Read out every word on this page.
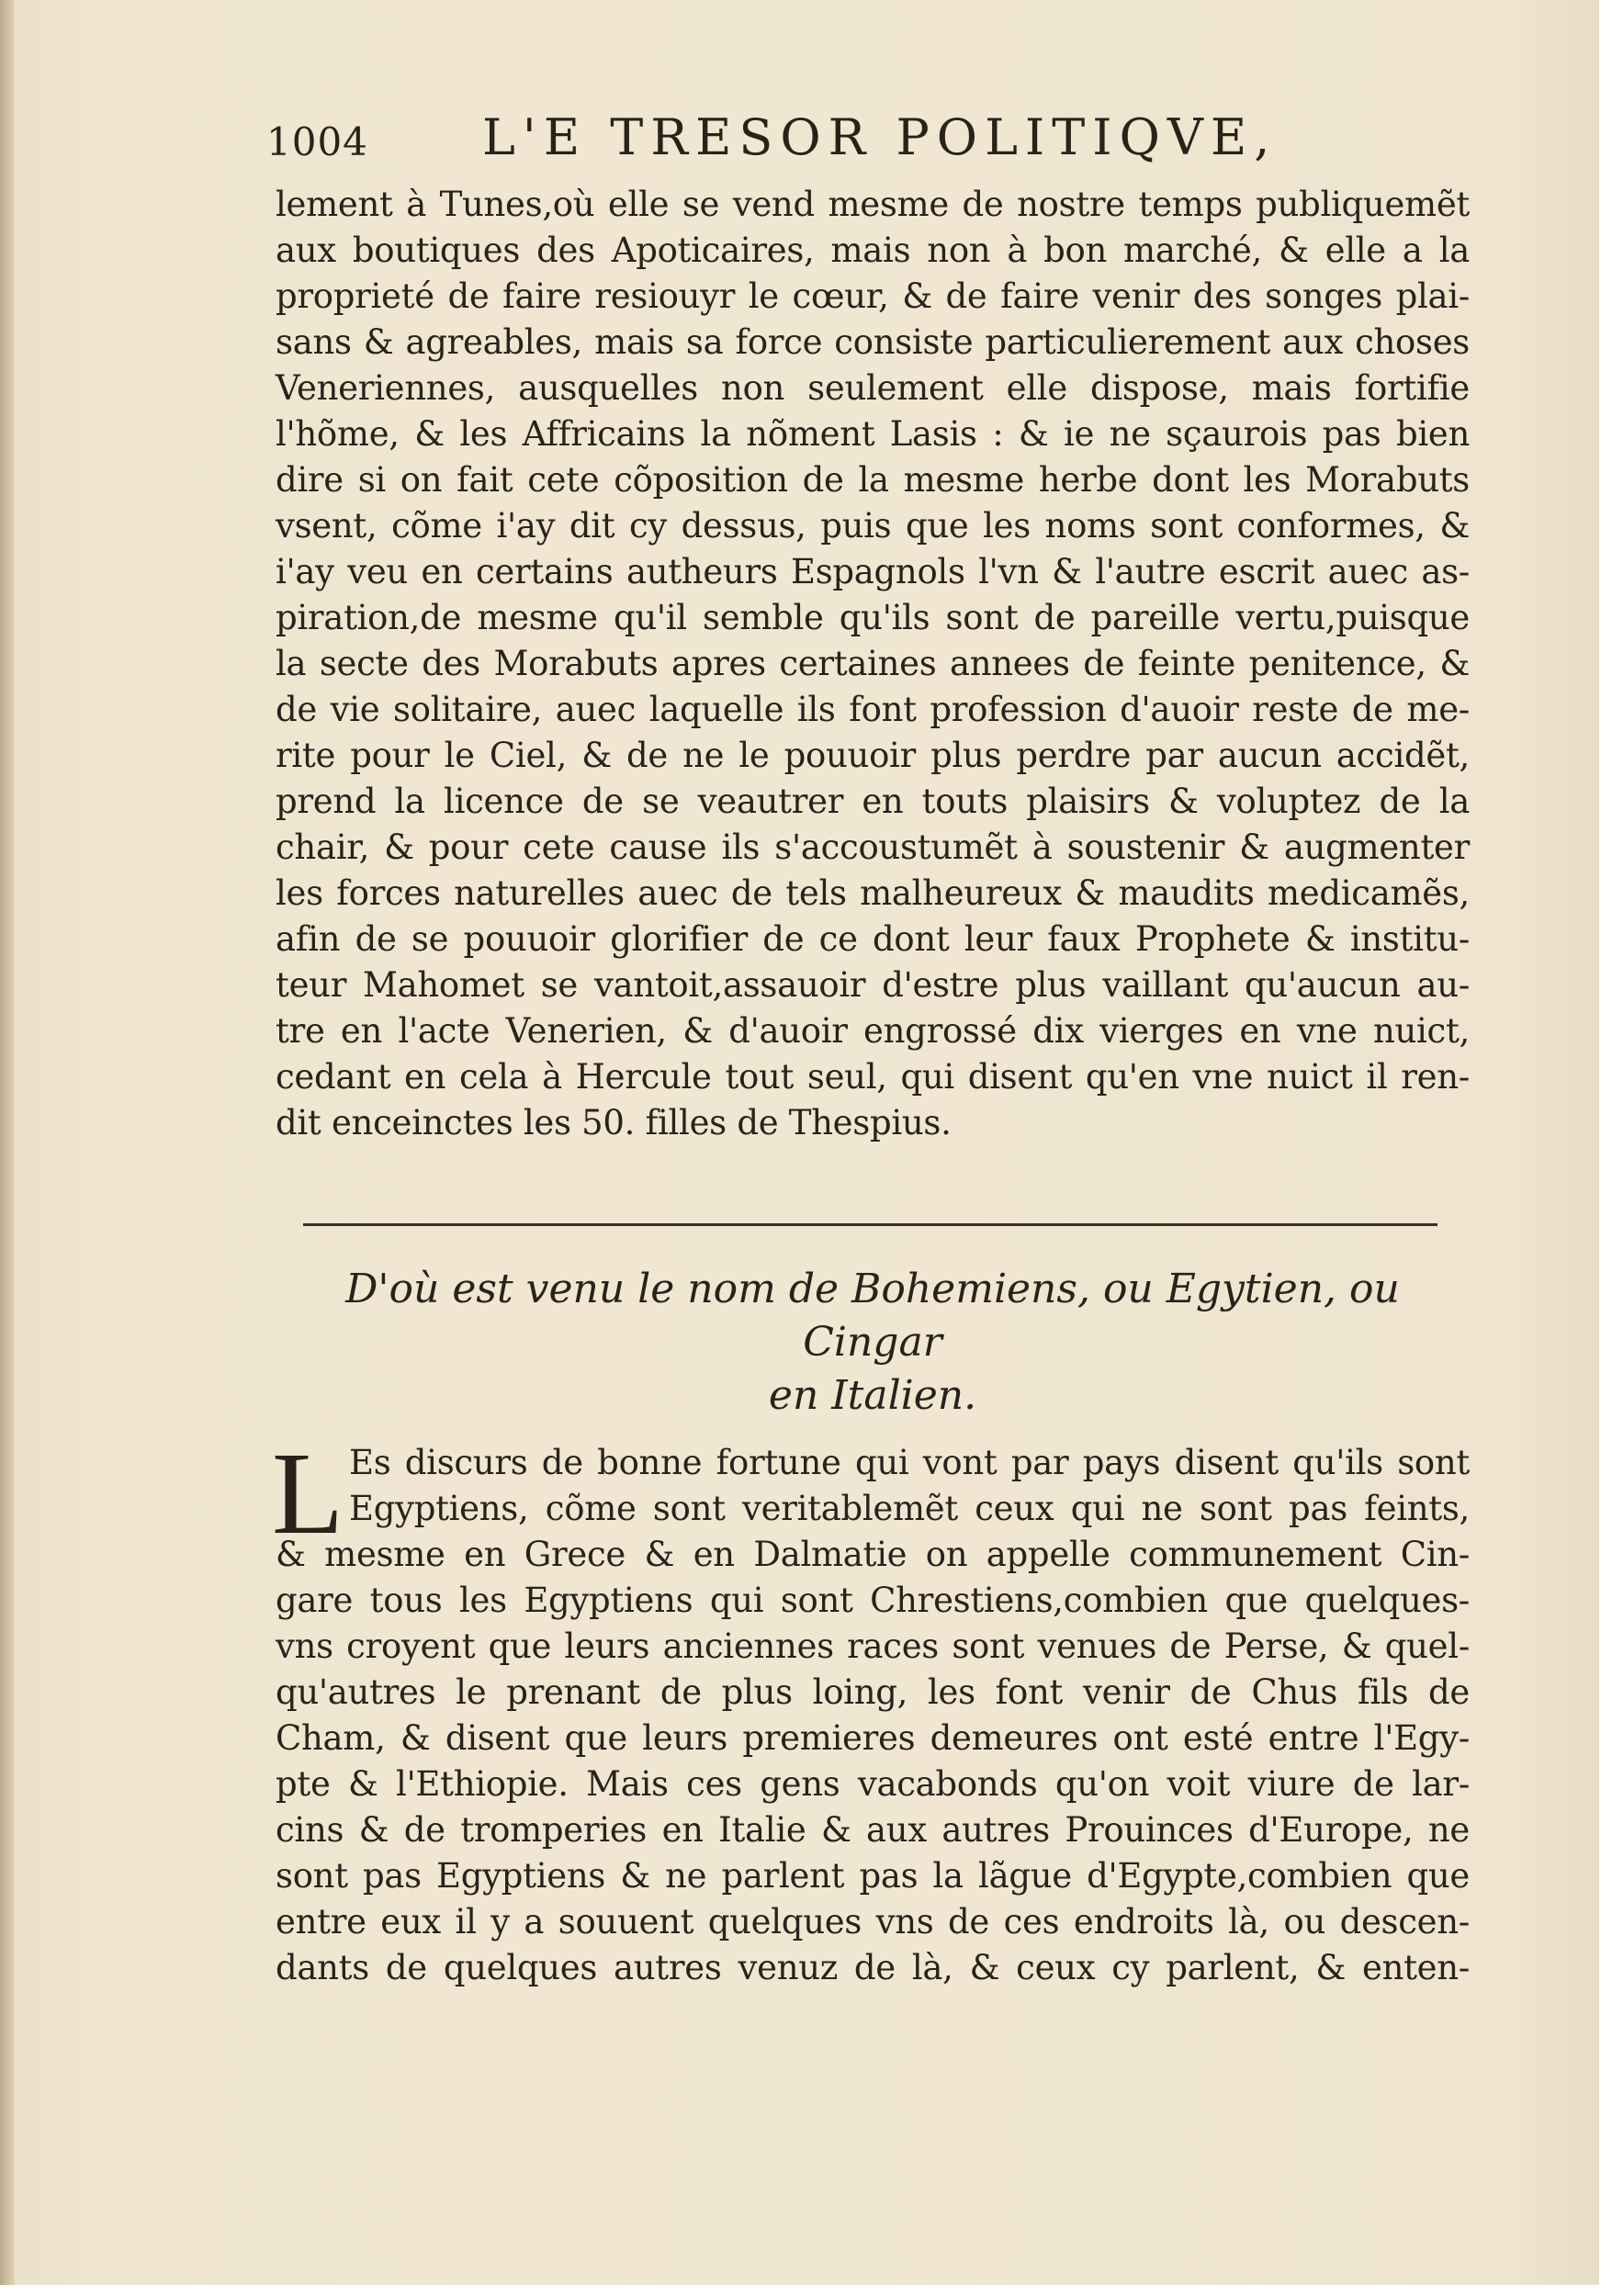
1004 L'E TRESOR POLITIQVE,
lement à Tunes,où elle se vend mesme de nostre temps publiquemẽt
aux boutiques des Apoticaires, mais non à bon marché, & elle a la
proprieté de faire resiouyr le cœur, & de faire venir des songes plai-
sans & agreables, mais sa force consiste particulierement aux choses
Veneriennes, ausquelles non seulement elle dispose, mais fortifie
l'hõme, & les Affricains la nõment Lasis : & ie ne sçaurois pas bien
dire si on fait cete cõposition de la mesme herbe dont les Morabuts
vsent, cõme i'ay dit cy dessus, puis que les noms sont conformes, &
i'ay veu en certains autheurs Espagnols l'vn & l'autre escrit auec as-
piration,de mesme qu'il semble qu'ils sont de pareille vertu,puisque
la secte des Morabuts apres certaines annees de feinte penitence, &
de vie solitaire, auec laquelle ils font profession d'auoir reste de me-
rite pour le Ciel, & de ne le pouuoir plus perdre par aucun accidẽt,
prend la licence de se veautrer en touts plaisirs & voluptez de la
chair, & pour cete cause ils s'accoustumẽt à soustenir & augmenter
les forces naturelles auec de tels malheureux & maudits medicamẽs,
afin de se pouuoir glorifier de ce dont leur faux Prophete & institu-
teur Mahomet se vantoit,assauoir d'estre plus vaillant qu'aucun au-
tre en l'acte Venerien, & d'auoir engrossé dix vierges en vne nuict,
cedant en cela à Hercule tout seul, qui disent qu'en vne nuict il ren-
dit enceinctes les 50. filles de Thespius.
D'où est venu le nom de Bohemiens, ou Egytien, ou Cingar
en Italien.
L Es discurs de bonne fortune qui vont par pays disent qu'ils sont
Egyptiens, cõme sont veritablemẽt ceux qui ne sont pas feints,
& mesme en Grece & en Dalmatie on appelle communement Cin-
gare tous les Egyptiens qui sont Chrestiens,combien que quelques-
vns croyent que leurs anciennes races sont venues de Perse, & quel-
qu'autres le prenant de plus loing, les font venir de Chus fils de
Cham, & disent que leurs premieres demeures ont esté entre l'Egy-
pte & l'Ethiopie. Mais ces gens vacabonds qu'on voit viure de lar-
cins & de tromperies en Italie & aux autres Prouinces d'Europe, ne
sont pas Egyptiens & ne parlent pas la lãgue d'Egypte,combien que
entre eux il y a souuent quelques vns de ces endroits là, ou descen-
dants de quelques autres venuz de là, & ceux cy parlent, & enten-
